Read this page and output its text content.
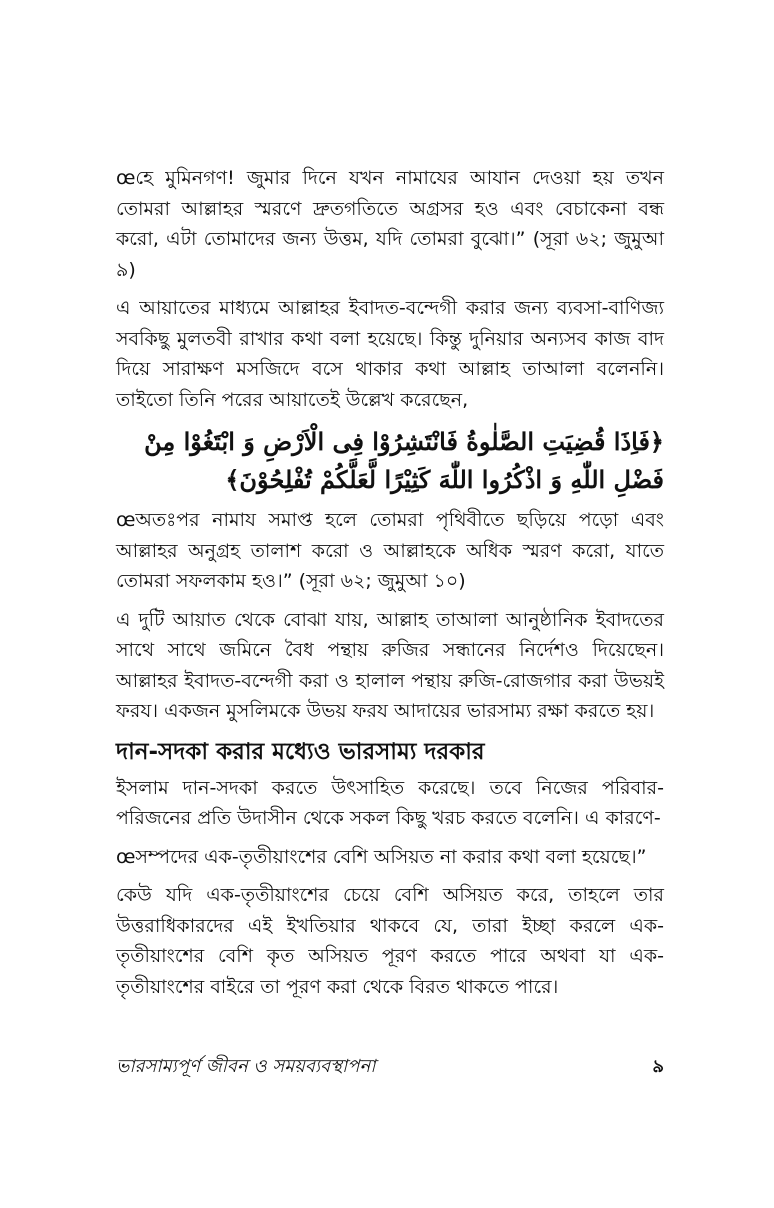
œহে মুমিনগণ! জুমার দিনে যখন নামাযের আযান দেওয়া হয় তখন তোমরা আল্লাহর স্মরণে দ্রুতগতিতে অগ্রসর হও এবং বেচাকেনা বন্ধ করো, এটা তোমাদের জন্য উত্তম, যদি তোমরা বুঝো।” (সূরা ৬২; জুমুআ ৯)

এ আয়াতের মাধ্যমে আল্লাহর ইবাদত-বন্দেগী করার জন্য ব্যবসা-বাণিজ্য সবকিছু মুলতবী রাখার কথা বলা হয়েছে। কিন্তু দুনিয়ার অন্যসব কাজ বাদ দিয়ে সারাক্ষণ মসজিদে বসে থাকার কথা আল্লাহ তাআলা বলেননি। তাইতো তিনি পরের আয়াতেই উল্লেখ করেছেন,

﴿فَاِذَا قُضِيَتِ الصَّلٰوةُ فَانْتَشِرُوْا فِى الْاَرْضِ وَ ابْتَغُوْا مِنْ فَضْلِ اللّٰهِ وَ اذْكُرُوا اللّٰهَ كَثِيْرًا لَّعَلَّكُمْ تُفْلِحُوْنَ﴾

œঅতঃপর নামায সমাপ্ত হলে তোমরা পৃথিবীতে ছড়িয়ে পড়ো এবং আল্লাহর অনুগ্রহ তালাশ করো ও আল্লাহকে অধিক স্মরণ করো, যাতে তোমরা সফলকাম হও।” (সূরা ৬২; জুমুআ ১০)

এ দুটি আয়াত থেকে বোঝা যায়, আল্লাহ তাআলা আনুষ্ঠানিক ইবাদতের সাথে সাথে জমিনে বৈধ পন্থায় রুজির সন্ধানের নির্দেশও দিয়েছেন। আল্লাহর ইবাদত-বন্দেগী করা ও হালাল পন্থায় রুজি-রোজগার করা উভয়ই ফরয। একজন মুসলিমকে উভয় ফরয আদায়ের ভারসাম্য রক্ষা করতে হয়।

দান-সদকা করার মধ্যেও ভারসাম্য দরকার

ইসলাম দান-সদকা করতে উৎসাহিত করেছে। তবে নিজের পরিবার-পরিজনের প্রতি উদাসীন থেকে সকল কিছু খরচ করতে বলেনি। এ কারণে-

œসম্পদের এক-তৃতীয়াংশের বেশি অসিয়ত না করার কথা বলা হয়েছে।”

কেউ যদি এক-তৃতীয়াংশের চেয়ে বেশি অসিয়ত করে, তাহলে তার উত্তরাধিকারদের এই ইখতিয়ার থাকবে যে, তারা ইচ্ছা করলে এক-তৃতীয়াংশের বেশি কৃত অসিয়ত পূরণ করতে পারে অথবা যা এক-তৃতীয়াংশের বাইরে তা পূরণ করা থেকে বিরত থাকতে পারে।

ভারসাম্যপূর্ণ জীবন ও সময়ব্যবস্থাপনা	৯
